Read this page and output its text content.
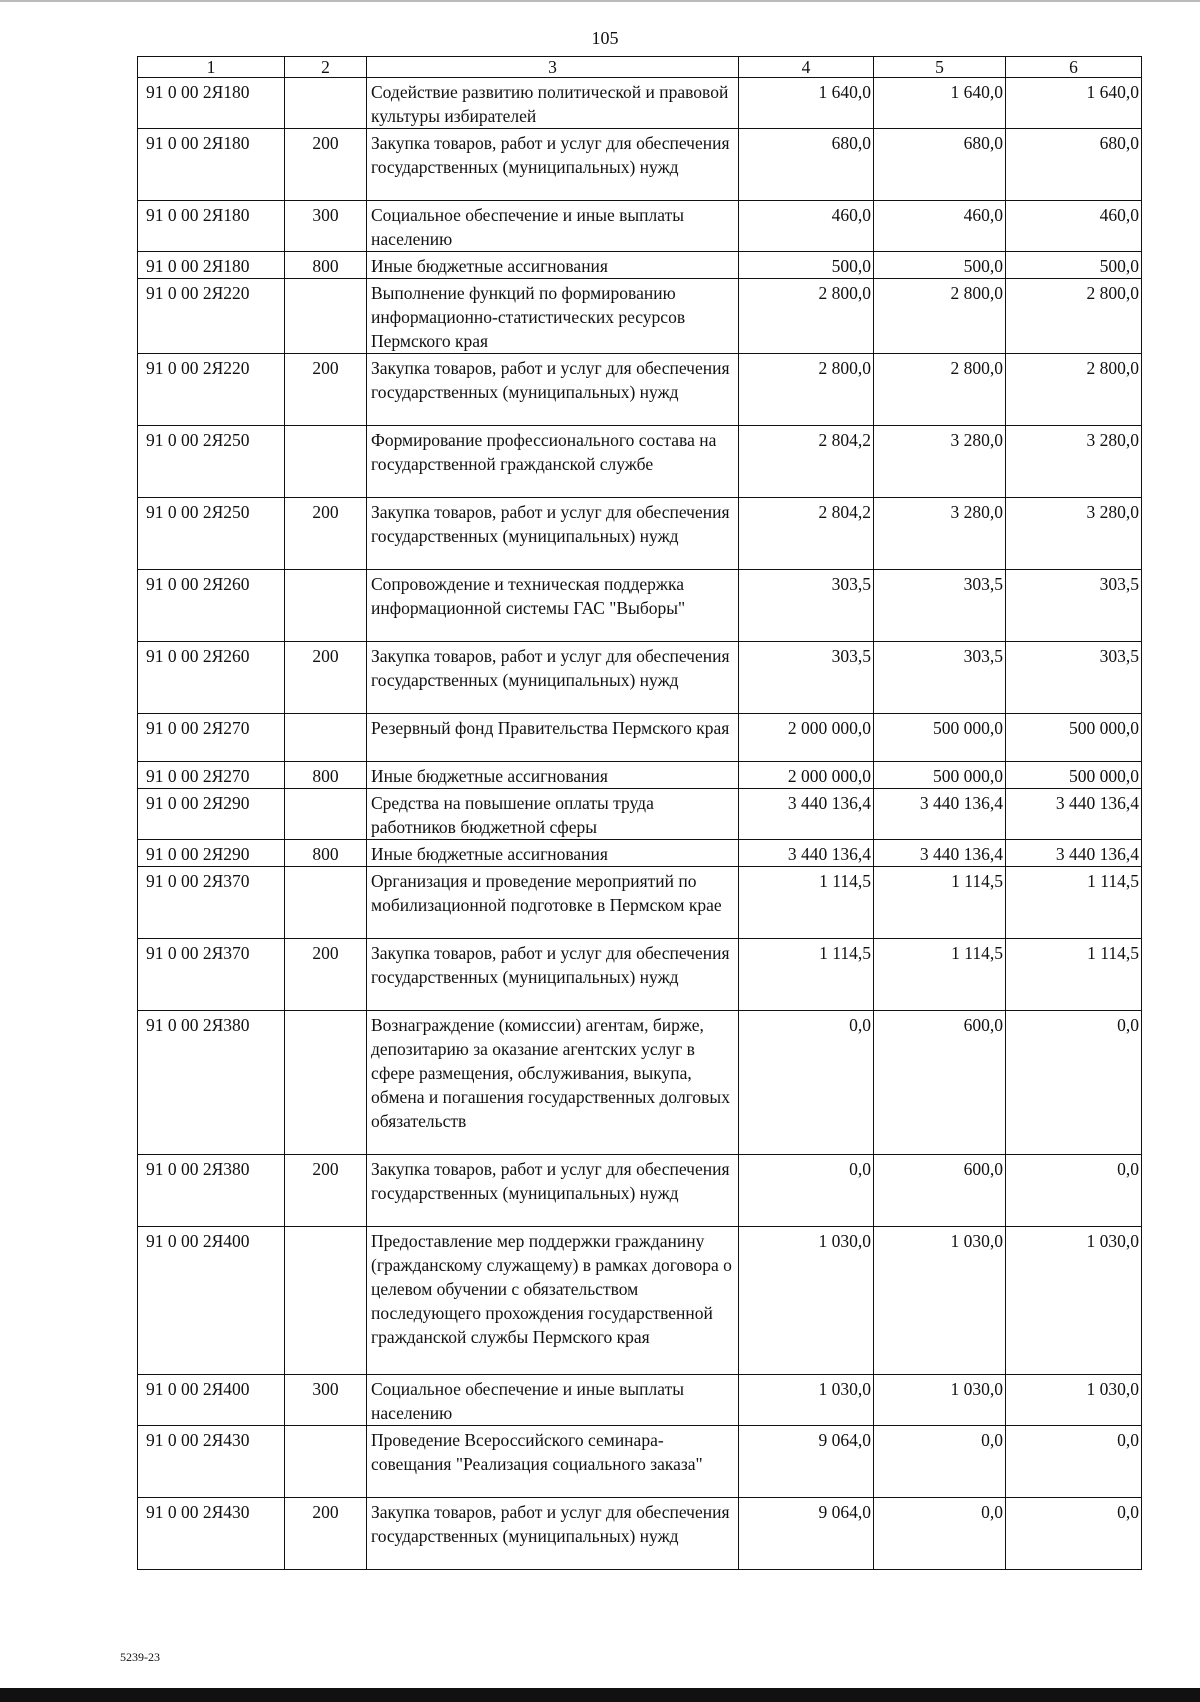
105
1	2	3	4	5	6
91 0 00 2Я180		Содействие развитию политической и правовой культуры избирателей	1 640,0	1 640,0	1 640,0
91 0 00 2Я180	200	Закупка товаров, работ и услуг для обеспечения государственных (муниципальных) нужд	680,0	680,0	680,0
91 0 00 2Я180	300	Социальное обеспечение и иные выплаты населению	460,0	460,0	460,0
91 0 00 2Я180	800	Иные бюджетные ассигнования	500,0	500,0	500,0
91 0 00 2Я220		Выполнение функций по формированию информационно-статистических ресурсов Пермского края	2 800,0	2 800,0	2 800,0
91 0 00 2Я220	200	Закупка товаров, работ и услуг для обеспечения государственных (муниципальных) нужд	2 800,0	2 800,0	2 800,0
91 0 00 2Я250		Формирование профессионального состава на государственной гражданской службе	2 804,2	3 280,0	3 280,0
91 0 00 2Я250	200	Закупка товаров, работ и услуг для обеспечения государственных (муниципальных) нужд	2 804,2	3 280,0	3 280,0
91 0 00 2Я260		Сопровождение и техническая поддержка информационной системы ГАС "Выборы"	303,5	303,5	303,5
91 0 00 2Я260	200	Закупка товаров, работ и услуг для обеспечения государственных (муниципальных) нужд	303,5	303,5	303,5
91 0 00 2Я270		Резервный фонд Правительства Пермского края	2 000 000,0	500 000,0	500 000,0
91 0 00 2Я270	800	Иные бюджетные ассигнования	2 000 000,0	500 000,0	500 000,0
91 0 00 2Я290		Средства на повышение оплаты труда работников бюджетной сферы	3 440 136,4	3 440 136,4	3 440 136,4
91 0 00 2Я290	800	Иные бюджетные ассигнования	3 440 136,4	3 440 136,4	3 440 136,4
91 0 00 2Я370		Организация и проведение мероприятий по мобилизационной подготовке в Пермском крае	1 114,5	1 114,5	1 114,5
91 0 00 2Я370	200	Закупка товаров, работ и услуг для обеспечения государственных (муниципальных) нужд	1 114,5	1 114,5	1 114,5
91 0 00 2Я380		Вознаграждение (комиссии) агентам, бирже, депозитарию за оказание агентских услуг в сфере размещения, обслуживания, выкупа, обмена и погашения государственных долговых обязательств	0,0	600,0	0,0
91 0 00 2Я380	200	Закупка товаров, работ и услуг для обеспечения государственных (муниципальных) нужд	0,0	600,0	0,0
91 0 00 2Я400		Предоставление мер поддержки гражданину (гражданскому служащему) в рамках договора о целевом обучении с обязательством последующего прохождения государственной гражданской службы Пермского края	1 030,0	1 030,0	1 030,0
91 0 00 2Я400	300	Социальное обеспечение и иные выплаты населению	1 030,0	1 030,0	1 030,0
91 0 00 2Я430		Проведение Всероссийского семинара-совещания "Реализация социального заказа"	9 064,0	0,0	0,0
91 0 00 2Я430	200	Закупка товаров, работ и услуг для обеспечения государственных (муниципальных) нужд	9 064,0	0,0	0,0
5239-23
